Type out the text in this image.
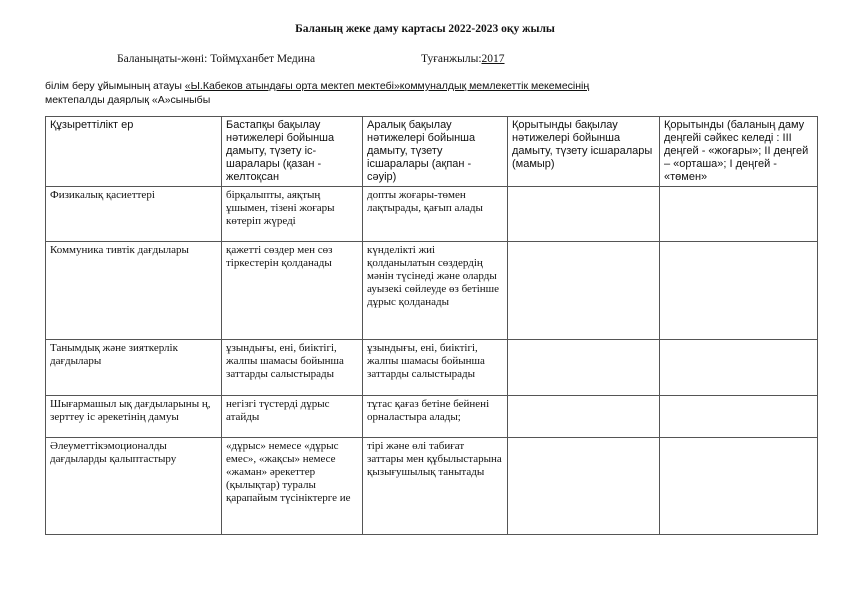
Баланың жеке даму картасы 2022-2023 оқу жылы
Баланыңаты-жөні: Тоймұханбет Медина	Туғанжылы:2017
білім беру ұйымының атауы «Ы.Кабеков атындағы орта мектеп мектебі»коммуналдық мемлекеттік мекемесінің
мектепалды даярлық «А»сыныбы
Құзыреттілікт ер	Бастапқы бақылау нәтижелері бойынша дамыту, түзету іс-шаралары (қазан - желтоқсан	Аралық бақылау нәтижелері бойынша дамыту, түзету ісшаралары (ақпан - сәуір)	Қорытынды бақылау нәтижелері бойынша дамыту, түзету ісшаралары (мамыр)	Қорытынды (баланың даму деңгейі сәйкес келеді : ІІІ деңгей - «жоғары»; ІІ деңгей – «орташа»; І деңгей - «төмен»
Физикалық қасиеттері	бірқалыпты, аяқтың ұшымен, тізені жоғары көтеріп жүреді	допты жоғары-төмен лақтырады, қағып алады		
Коммуника тивтік дағдылары	қажетті сөздер мен сөз тіркестерін қолданады	күнделікті жиі қолданылатын сөздердің мәнін түсінеді және оларды ауызекі сөйлеуде өз бетінше дұрыс қолданады		
Танымдық және зияткерлік дағдылары	ұзындығы, ені, биіктігі, жалпы шамасы бойынша заттарды салыстырады	ұзындығы, ені, биіктігі, жалпы шамасы бойынша заттарды салыстырады		
Шығармашыл ық дағдыларыны ң, зерттеу іс әрекетінің дамуы	негізгі түстерді дұрыс атайды	тұтас қағаз бетіне бейнені орналастыра алады;		
Әлеуметтікэмоционалды дағдыларды қалыптастыру	«дұрыс» немесе «дұрыс емес», «жақсы» немесе «жаман» әрекеттер (қылықтар) туралы қарапайым түсініктерге ие	тірі және өлі табиғат заттары мен құбылыстарына қызығушылық танытады		
